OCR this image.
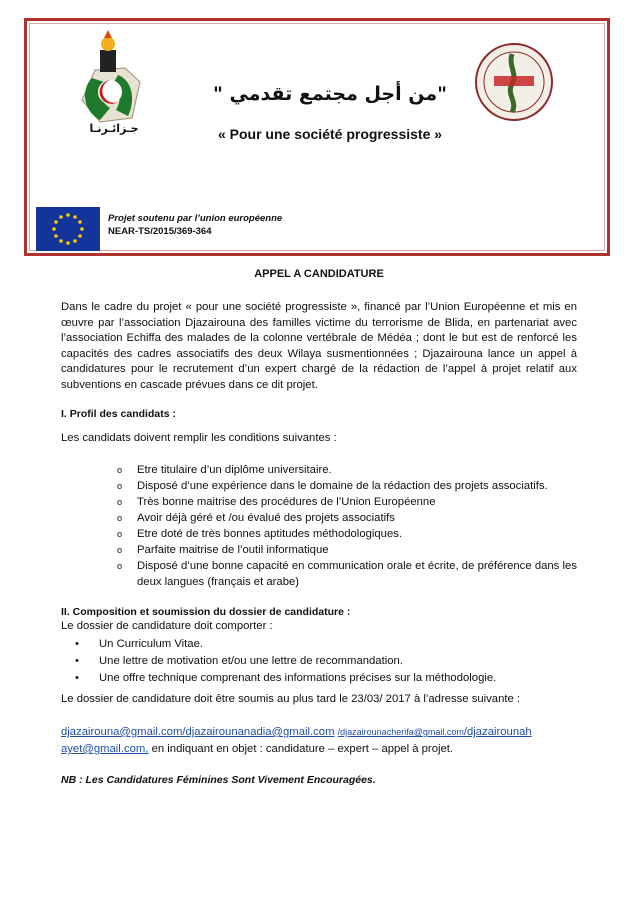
جـزائـرنـا
"من أجل مجتمع تقدمي "
« Pour une société progressiste »
Projet soutenu par l’union européenne
NEAR-TS/2015/369-364
APPEL A CANDIDATURE
Dans le cadre du projet « pour une société progressiste », financé par l’Union Européenne et mis en œuvre par l’association Djazairouna des familles victime du terrorisme de Blida, en partenariat avec l’association Echiffa des malades de la colonne vertébrale de Médéa ; dont le but est de renforcé les capacités des cadres associatifs des deux Wilaya susmentionnées ; Djazairouna lance un appel à candidatures pour le recrutement d’un expert chargé de la rédaction de l’appel à projet relatif aux subventions en cascade prévues dans ce dit projet.
I. Profil des candidats :
Les candidats doivent remplir les conditions suivantes :
o	Etre titulaire d’un diplôme universitaire.
o	Disposé d’une expérience dans le domaine de la rédaction des projets associatifs.
o	Très bonne maitrise des procédures de l’Union Européenne
o	Avoir déjà géré et /ou évalué des projets associatifs
o	Etre doté de très bonnes aptitudes méthodologiques.
o	Parfaite maitrise de l’outil informatique
o	Disposé d’une bonne capacité en communication orale et écrite, de préférence dans les deux langues (français et arabe)
II. Composition et soumission du dossier de candidature :
Le dossier de candidature doit comporter :
•	Un Curriculum Vitae.
•	Une lettre de motivation et/ou une lettre de recommandation.
•	Une offre technique comprenant des informations précises sur la méthodologie.
Le dossier de candidature doit être soumis au plus tard le 23/03/ 2017 à l’adresse suivante :
djazairouna@gmail.com/djazairounanadia@gmail.com /djazairounacherifa@gmail.com/djazairounah
ayet@gmail.com, en indiquant en objet : candidature – expert – appel à projet.
NB : Les Candidatures Féminines Sont Vivement Encouragées.
